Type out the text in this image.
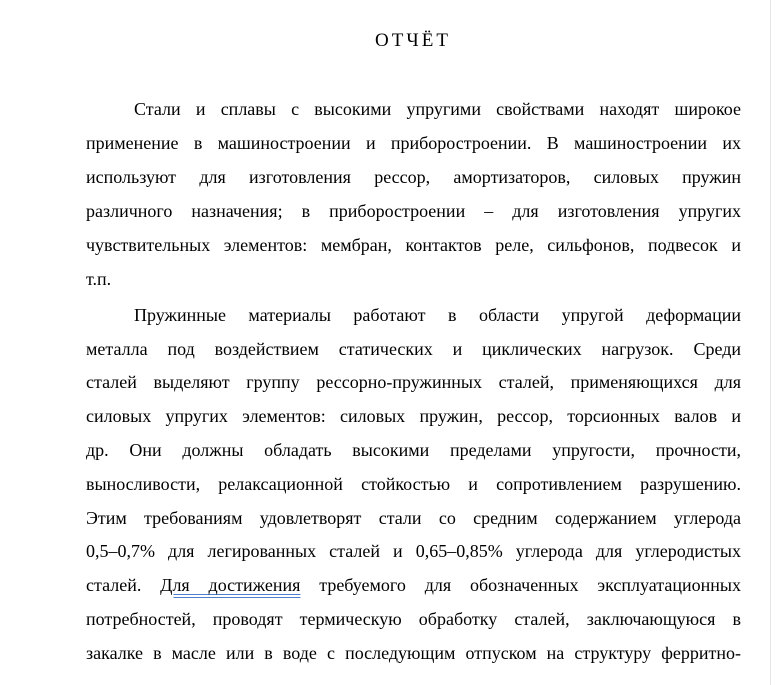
ОТЧЁТ
Стали и сплавы с высокими упругими свойствами находят широкое
применение в машиностроении и приборостроении. В машиностроении их
используют для изготовления рессор, амортизаторов, силовых пружин
различного назначения; в приборостроении – для изготовления упругих
чувствительных элементов: мембран, контактов реле, сильфонов, подвесок и
т.п.
Пружинные материалы работают в области упругой деформации
металла под воздействием статических и циклических нагрузок. Среди
сталей выделяют группу рессорно-пружинных сталей, применяющихся для
силовых упругих элементов: силовых пружин, рессор, торсионных валов и
др. Они должны обладать высокими пределами упругости, прочности,
выносливости, релаксационной стойкостью и сопротивлением разрушению.
Этим требованиям удовлетворят стали со средним содержанием углерода
0,5–0,7% для легированных сталей и 0,65–0,85% углерода для углеродистых
сталей. Для достижения требуемого для обозначенных эксплуатационных
потребностей, проводят термическую обработку сталей, заключающуюся в
закалке в масле или в воде с последующим отпуском на структуру ферритно-
